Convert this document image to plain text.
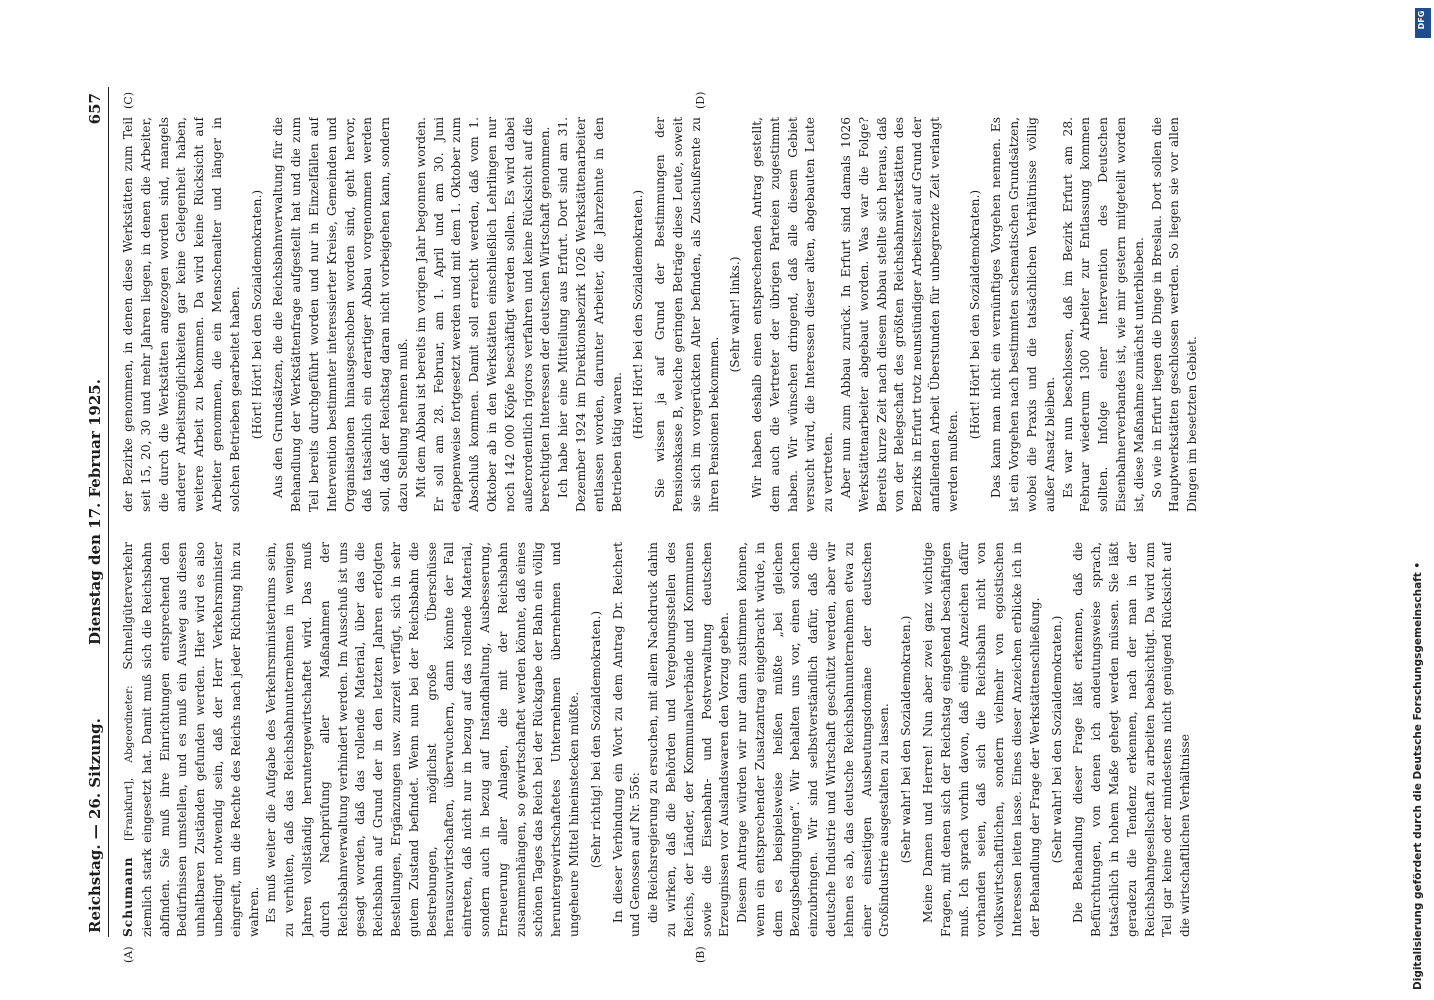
Reichstag. — 26. Sitzung.
Dienstag den 17. Februar 1925.
657
(A)	(B)
(C)	(D)

Schumann [Frankfurt], Abgeordneter: Schnellgüterverkehr ziemlich stark eingesetzt hat. Damit muß sich die Reichsbahn abfinden. Sie muß ihre Einrichtungen entsprechend den Bedürfnissen umstellen, und es muß ein Ausweg aus diesen unhaltbaren Zuständen gefunden werden. Hier wird es also unbedingt notwendig sein, daß der Herr Verkehrsminister eingreift, um die Rechte des Reichs nach jeder Richtung hin zu wahren. Es muß weiter die Aufgabe des Verkehrsministeriums sein, zu verhüten, daß das Reichsbahnunternehmen in wenigen Jahren vollständig heruntergewirtschaftet wird. Das muß durch Nachprüfung aller Maßnahmen der Reichsbahnverwaltung verhindert werden. Im Ausschuß ist uns gesagt worden, daß das rollende Material, über das die Reichsbahn auf Grund der in den letzten Jahren erfolgten Bestellungen, Ergänzungen usw. zurzeit verfügt, sich in sehr gutem Zustand befindet. Wenn nun bei der Reichsbahn die Bestrebungen, möglichst große Überschüsse herauszuwirtschaften, überwuchern, dann könnte der Fall eintreten, daß nicht nur in bezug auf das rollende Material, sondern auch in bezug auf Instandhaltung, Ausbesserung, Erneuerung aller Anlagen, die mit der Reichsbahn zusammenhängen, so gewirtschaftet werden könnte, daß eines schönen Tages das Reich bei der Rückgabe der Bahn ein völlig heruntergewirtschaftetes Unternehmen übernehmen und ungeheure Mittel hineinstecken müßte. (Sehr richtig! bei den Sozialdemokraten.) In dieser Verbindung ein Wort zu dem Antrag Dr. Reichert und Genossen auf Nr. 556: die Reichsregierung zu ersuchen, mit allem Nachdruck dahin zu wirken, daß die Behörden und Vergebungsstellen des Reichs, der Länder, der Kommunalverbände und Kommunen sowie die Eisenbahn- und Postverwaltung deutschen Erzeugnissen vor Auslandswaren den Vorzug geben. Diesem Antrage würden wir nur dann zustimmen können, wenn ein entsprechender Zusatzantrag eingebracht würde, in dem es beispielsweise heißen müßte „bei gleichen Bezugsbedingungen“. Wir behalten uns vor, einen solchen einzubringen. Wir sind selbstverständlich dafür, daß die deutsche Industrie und Wirtschaft geschützt werden, aber wir lehnen es ab, das deutsche Reichsbahnunternehmen etwa zu einer einseitigen Ausbeutungsdomäne der deutschen Großindustrie ausgestalten zu lassen. (Sehr wahr! bei den Sozialdemokraten.) Meine Damen und Herren! Nun aber zwei ganz wichtige Fragen, mit denen sich der Reichstag eingehend beschäftigen muß. Ich sprach vorhin davon, daß einige Anzeichen dafür vorhanden seien, daß sich die Reichsbahn nicht von volkswirtschaftlichen, sondern vielmehr von egoistischen Interessen leiten lasse. Eines dieser Anzeichen erblicke ich in der Behandlung der Frage der Werkstättenschließung. (Sehr wahr! bei den Sozialdemokraten.) Die Behandlung dieser Frage läßt erkennen, daß die Befürchtungen, von denen ich andeutungsweise sprach, tatsächlich in hohem Maße gehegt werden müssen. Sie läßt geradezu die Tendenz erkennen, nach der man in der Reichsbahngesellschaft zu arbeiten beabsichtigt. Da wird zum Teil gar keine oder mindestens nicht genügend Rücksicht auf die wirtschaftlichen Verhältnisse

der Bezirke genommen, in denen diese Werkstätten zum Teil seit 15, 20, 30 und mehr Jahren liegen, in denen die Arbeiter, die durch die Werkstätten angezogen worden sind, mangels anderer Arbeitsmöglichkeiten gar keine Gelegenheit haben, weitere Arbeit zu bekommen. Da wird keine Rücksicht auf Arbeiter genommen, die ein Menschenalter und länger in solchen Betrieben gearbeitet haben. (Hört! Hört! bei den Sozialdemokraten.) Aus den Grundsätzen, die die Reichsbahnverwaltung für die Behandlung der Werkstättenfrage aufgestellt hat und die zum Teil bereits durchgeführt worden und nur in Einzelfällen auf Intervention bestimmter interessierter Kreise, Gemeinden und Organisationen hinausgeschoben worden sind, geht hervor, daß tatsächlich ein derartiger Abbau vorgenommen werden soll, daß der Reichstag daran nicht vorbeigehen kann, sondern dazu Stellung nehmen muß. Mit dem Abbau ist bereits im vorigen Jahr begonnen worden. Er soll am 28. Februar, am 1. April und am 30. Juni etappenweise fortgesetzt werden und mit dem 1. Oktober zum Abschluß kommen. Damit soll erreicht werden, daß vom 1. Oktober ab in den Werkstätten einschließlich Lehrlingen nur noch 142 000 Köpfe beschäftigt werden sollen. Es wird dabei außerordentlich rigoros verfahren und keine Rücksicht auf die berechtigten Interessen der deutschen Wirtschaft genommen. Ich habe hier eine Mitteilung aus Erfurt. Dort sind am 31. Dezember 1924 im Direktionsbezirk 1026 Werkstättenarbeiter entlassen worden, darunter Arbeiter, die Jahrzehnte in den Betrieben tätig waren.

(Hört! Hört! bei den Sozialdemokraten.) Sie wissen ja auf Grund der Bestimmungen der Pensionskasse B, welche geringen Beträge diese Leute, soweit sie sich im vorgerückten Alter befinden, als Zuschußrente zu ihren Pensionen bekommen.

(Sehr wahr! links.) Wir haben deshalb einen entsprechenden Antrag gestellt, dem auch die Vertreter der übrigen Parteien zugestimmt haben. Wir wünschen dringend, daß alle diesem Gebiet versucht wird, die Interessen dieser alten, abgebauten Leute zu vertreten. Aber nun zum Abbau zurück. In Erfurt sind damals 1026 Werkstättenarbeiter abgebaut worden. Was war die Folge? Bereits kurze Zeit nach diesem Abbau stellte sich heraus, daß von der Belegschaft des größten Reichsbahnwerkstätten des Bezirks in Erfurt trotz neunstündiger Arbeitszeit auf Grund der anfallenden Arbeit Überstunden für unbegrenzte Zeit verlangt werden mußten.

(Hört! Hört! bei den Sozialdemokraten.) Das kann man nicht ein vernünftiges Vorgehen nennen. Es ist ein Vorgehen nach bestimmten schematischen Grundsätzen, wobei die Praxis und die tatsächlichen Verhältnisse völlig außer Ansatz bleiben. Es war nun beschlossen, daß im Bezirk Erfurt am 28. Februar wiederum 1300 Arbeiter zur Entlassung kommen sollten. Infolge einer Intervention des Deutschen Eisenbahnerverbandes ist, wie mir gestern mitgeteilt worden ist, diese Maßnahme zunächst unterblieben. So wie in Erfurt liegen die Dinge in Breslau. Dort sollen die Hauptwerkstätten geschlossen werden. So liegen sie vor allen Dingen im besetzten Gebiet.

Digitalisierung gefördert durch die Deutsche Forschungsgemeinschaft •
DFG
